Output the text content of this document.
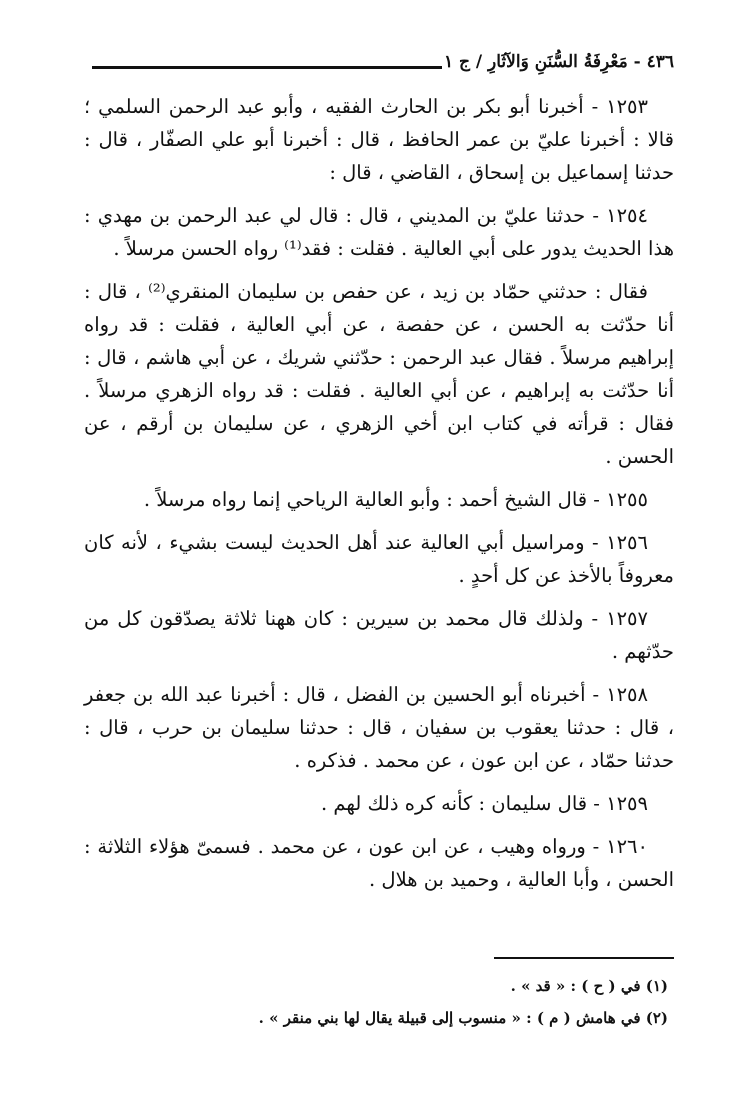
٤٣٦ - مَعْرِفَةُ السُّنَنِ وَالآثَارِ / ج ١

١٢٥٣ - أخبرنا أبو بكر بن الحارث الفقيه ، وأبو عبد الرحمن السلمي ؛ قالا : أخبرنا عليّ بن عمر الحافظ ، قال : أخبرنا أبو علي الصفّار ، قال : حدثنا إسماعيل بن إسحاق ، القاضي ، قال :

١٢٥٤ - حدثنا عليّ بن المديني ، قال : قال لي عبد الرحمن بن مهدي : هذا الحديث يدور على أبي العالية . فقلت : فقد⁽¹⁾ رواه الحسن مرسلاً .

فقال : حدثني حمّاد بن زيد ، عن حفص بن سليمان المنقري⁽²⁾ ، قال : أنا حدّثت به الحسن ، عن حفصة ، عن أبي العالية ، فقلت : قد رواه إبراهيم مرسلاً . فقال عبد الرحمن : حدّثني شريك ، عن أبي هاشم ، قال : أنا حدّثت به إبراهيم ، عن أبي العالية . فقلت : قد رواه الزهري مرسلاً . فقال : قرأته في كتاب ابن أخي الزهري ، عن سليمان بن أرقم ، عن الحسن .

١٢٥٥ - قال الشيخ أحمد : وأبو العالية الرياحي إنما رواه مرسلاً .

١٢٥٦ - ومراسيل أبي العالية عند أهل الحديث ليست بشيء ، لأنه كان معروفاً بالأخذ عن كل أحدٍ .

١٢٥٧ - ولذلك قال محمد بن سيرين : كان ههنا ثلاثة يصدّقون كل من حدّثهم .

١٢٥٨ - أخبرناه أبو الحسين بن الفضل ، قال : أخبرنا عبد الله بن جعفر ، قال : حدثنا يعقوب بن سفيان ، قال : حدثنا سليمان بن حرب ، قال : حدثنا حمّاد ، عن ابن عون ، عن محمد . فذكره .

١٢٥٩ - قال سليمان : كأنه كره ذلك لهم .

١٢٦٠ - ورواه وهيب ، عن ابن عون ، عن محمد . فسمىّ هؤلاء الثلاثة : الحسن ، وأبا العالية ، وحميد بن هلال .

(١) في ( ح ) : « قد » .

(٢) في هامش ( م ) : « منسوب إلى قبيلة يقال لها بني منقر » .
